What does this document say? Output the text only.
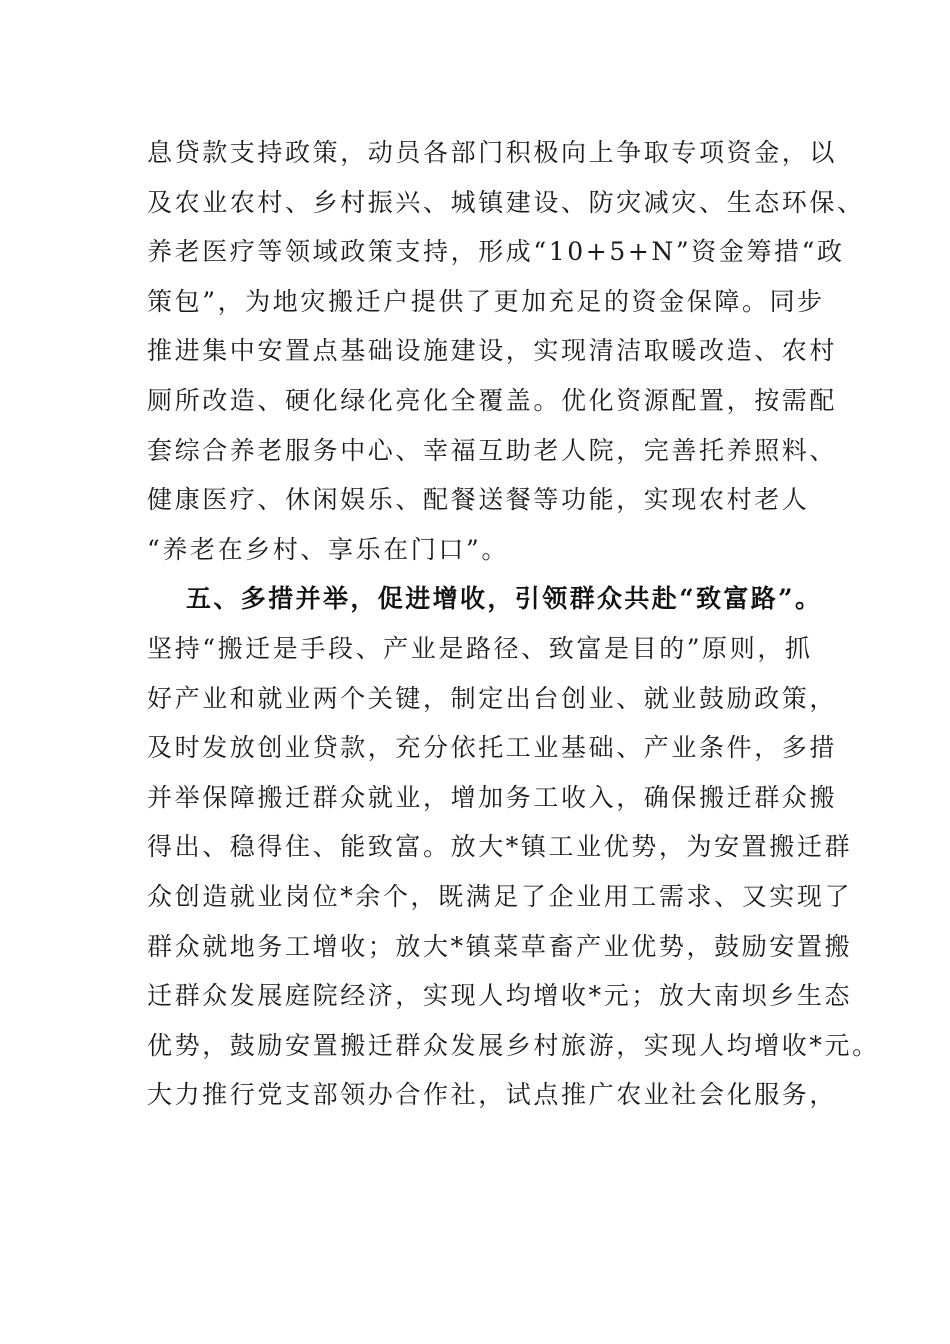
息贷款支持政策，动员各部门积极向上争取专项资金，以
及农业农村、乡村振兴、城镇建设、防灾减灾、生态环保、
养老医疗等领域政策支持，形成“10+5+N”资金筹措“政
策包”，为地灾搬迁户提供了更加充足的资金保障。同步
推进集中安置点基础设施建设，实现清洁取暖改造、农村
厕所改造、硬化绿化亮化全覆盖。优化资源配置，按需配
套综合养老服务中心、幸福互助老人院，完善托养照料、
健康医疗、休闲娱乐、配餐送餐等功能，实现农村老人
“养老在乡村、享乐在门口”。
五、多措并举，促进增收，引领群众共赴“致富路”。
坚持“搬迁是手段、产业是路径、致富是目的”原则，抓
好产业和就业两个关键，制定出台创业、就业鼓励政策，
及时发放创业贷款，充分依托工业基础、产业条件，多措
并举保障搬迁群众就业，增加务工收入，确保搬迁群众搬
得出、稳得住、能致富。放大*镇工业优势，为安置搬迁群
众创造就业岗位*余个，既满足了企业用工需求、又实现了
群众就地务工增收；放大*镇菜草畜产业优势，鼓励安置搬
迁群众发展庭院经济，实现人均增收*元；放大南坝乡生态
优势，鼓励安置搬迁群众发展乡村旅游，实现人均增收*元。
大力推行党支部领办合作社，试点推广农业社会化服务，
